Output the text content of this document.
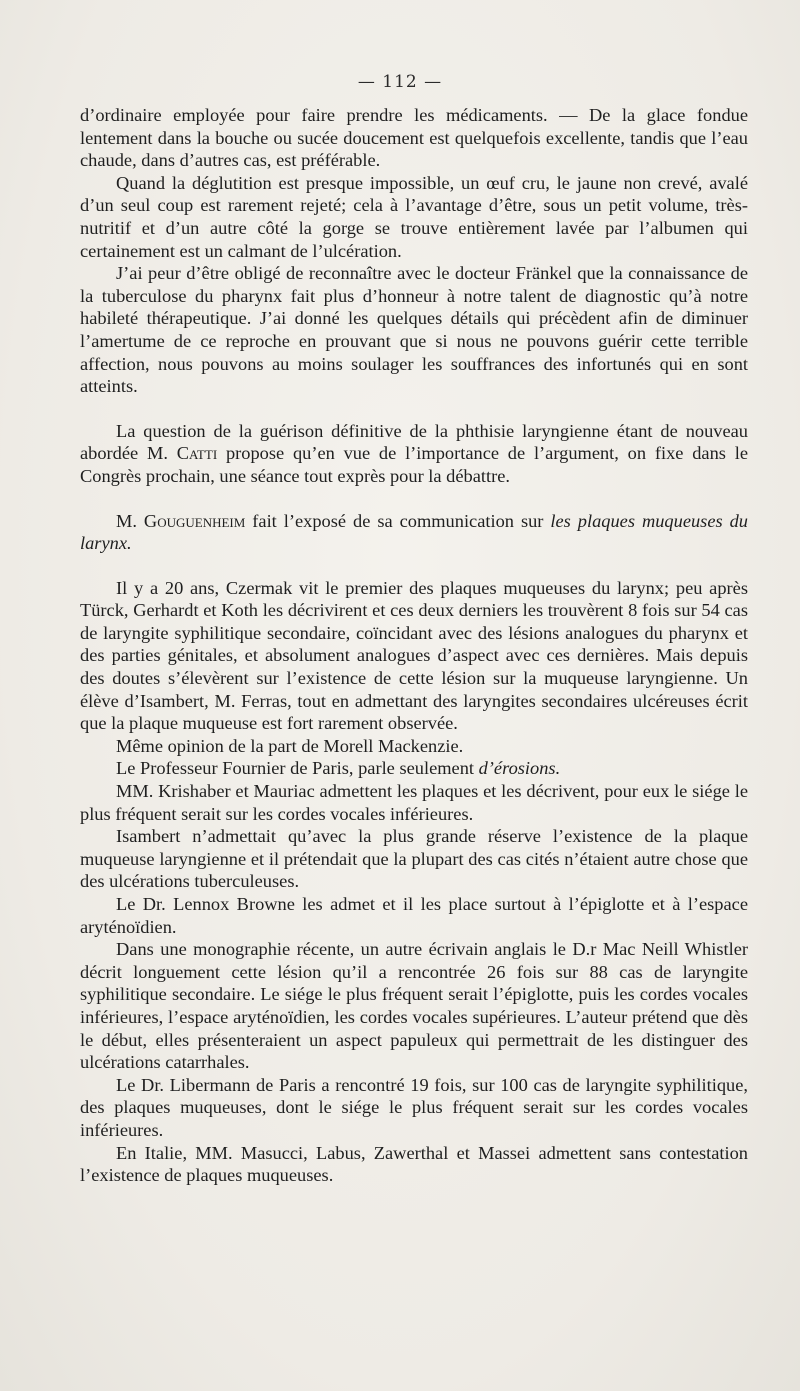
— 112 —

d’ordinaire employée pour faire prendre les médicaments. — De la glace fondue lentement dans la bouche ou sucée doucement est quelquefois excellente, tandis que l’eau chaude, dans d’autres cas, est préférable.

Quand la déglutition est presque impossible, un œuf cru, le jaune non crevé, avalé d’un seul coup est rarement rejeté; cela à l’avantage d’être, sous un petit volume, très-nutritif et d’un autre côté la gorge se trouve entièrement lavée par l’albumen qui certainement est un calmant de l’ulcération.

J’ai peur d’être obligé de reconnaître avec le docteur Fränkel que la connaissance de la tuberculose du pharynx fait plus d’honneur à notre talent de diagnostic qu’à notre habileté thérapeutique. J’ai donné les quelques détails qui précèdent afin de diminuer l’amertume de ce reproche en prouvant que si nous ne pouvons guérir cette terrible affection, nous pouvons au moins soulager les souffrances des infortunés qui en sont atteints.

La question de la guérison définitive de la phthisie laryngienne étant de nouveau abordée M. Catti propose qu’en vue de l’importance de l’argument, on fixe dans le Congrès prochain, une séance tout exprès pour la débattre.

M. Gouguenheim fait l’exposé de sa communication sur les plaques muqueuses du larynx.

Il y a 20 ans, Czermak vit le premier des plaques muqueuses du larynx; peu après Türck, Gerhardt et Koth les décrivirent et ces deux derniers les trouvèrent 8 fois sur 54 cas de laryngite syphilitique secondaire, coïncidant avec des lésions analogues du pharynx et des parties génitales, et absolument analogues d’aspect avec ces dernières. Mais depuis des doutes s’élevèrent sur l’existence de cette lésion sur la muqueuse laryngienne. Un élève d’Isambert, M. Ferras, tout en admettant des laryngites secondaires ulcéreuses écrit que la plaque muqueuse est fort rarement observée.

Même opinion de la part de Morell Mackenzie.

Le Professeur Fournier de Paris, parle seulement d’érosions.

MM. Krishaber et Mauriac admettent les plaques et les décrivent, pour eux le siége le plus fréquent serait sur les cordes vocales inférieures.

Isambert n’admettait qu’avec la plus grande réserve l’existence de la plaque muqueuse laryngienne et il prétendait que la plupart des cas cités n’étaient autre chose que des ulcérations tuberculeuses.

Le Dr. Lennox Browne les admet et il les place surtout à l’épiglotte et à l’espace aryténoïdien.

Dans une monographie récente, un autre écrivain anglais le D.r Mac Neill Whistler décrit longuement cette lésion qu’il a rencontrée 26 fois sur 88 cas de laryngite syphilitique secondaire. Le siége le plus fréquent serait l’épiglotte, puis les cordes vocales inférieures, l’espace aryténoïdien, les cordes vocales supérieures. L’auteur prétend que dès le début, elles présenteraient un aspect papuleux qui permettrait de les distinguer des ulcérations catarrhales.

Le Dr. Libermann de Paris a rencontré 19 fois, sur 100 cas de laryngite syphilitique, des plaques muqueuses, dont le siége le plus fréquent serait sur les cordes vocales inférieures.

En Italie, MM. Masucci, Labus, Zawerthal et Massei admettent sans contestation l’existence de plaques muqueuses.
